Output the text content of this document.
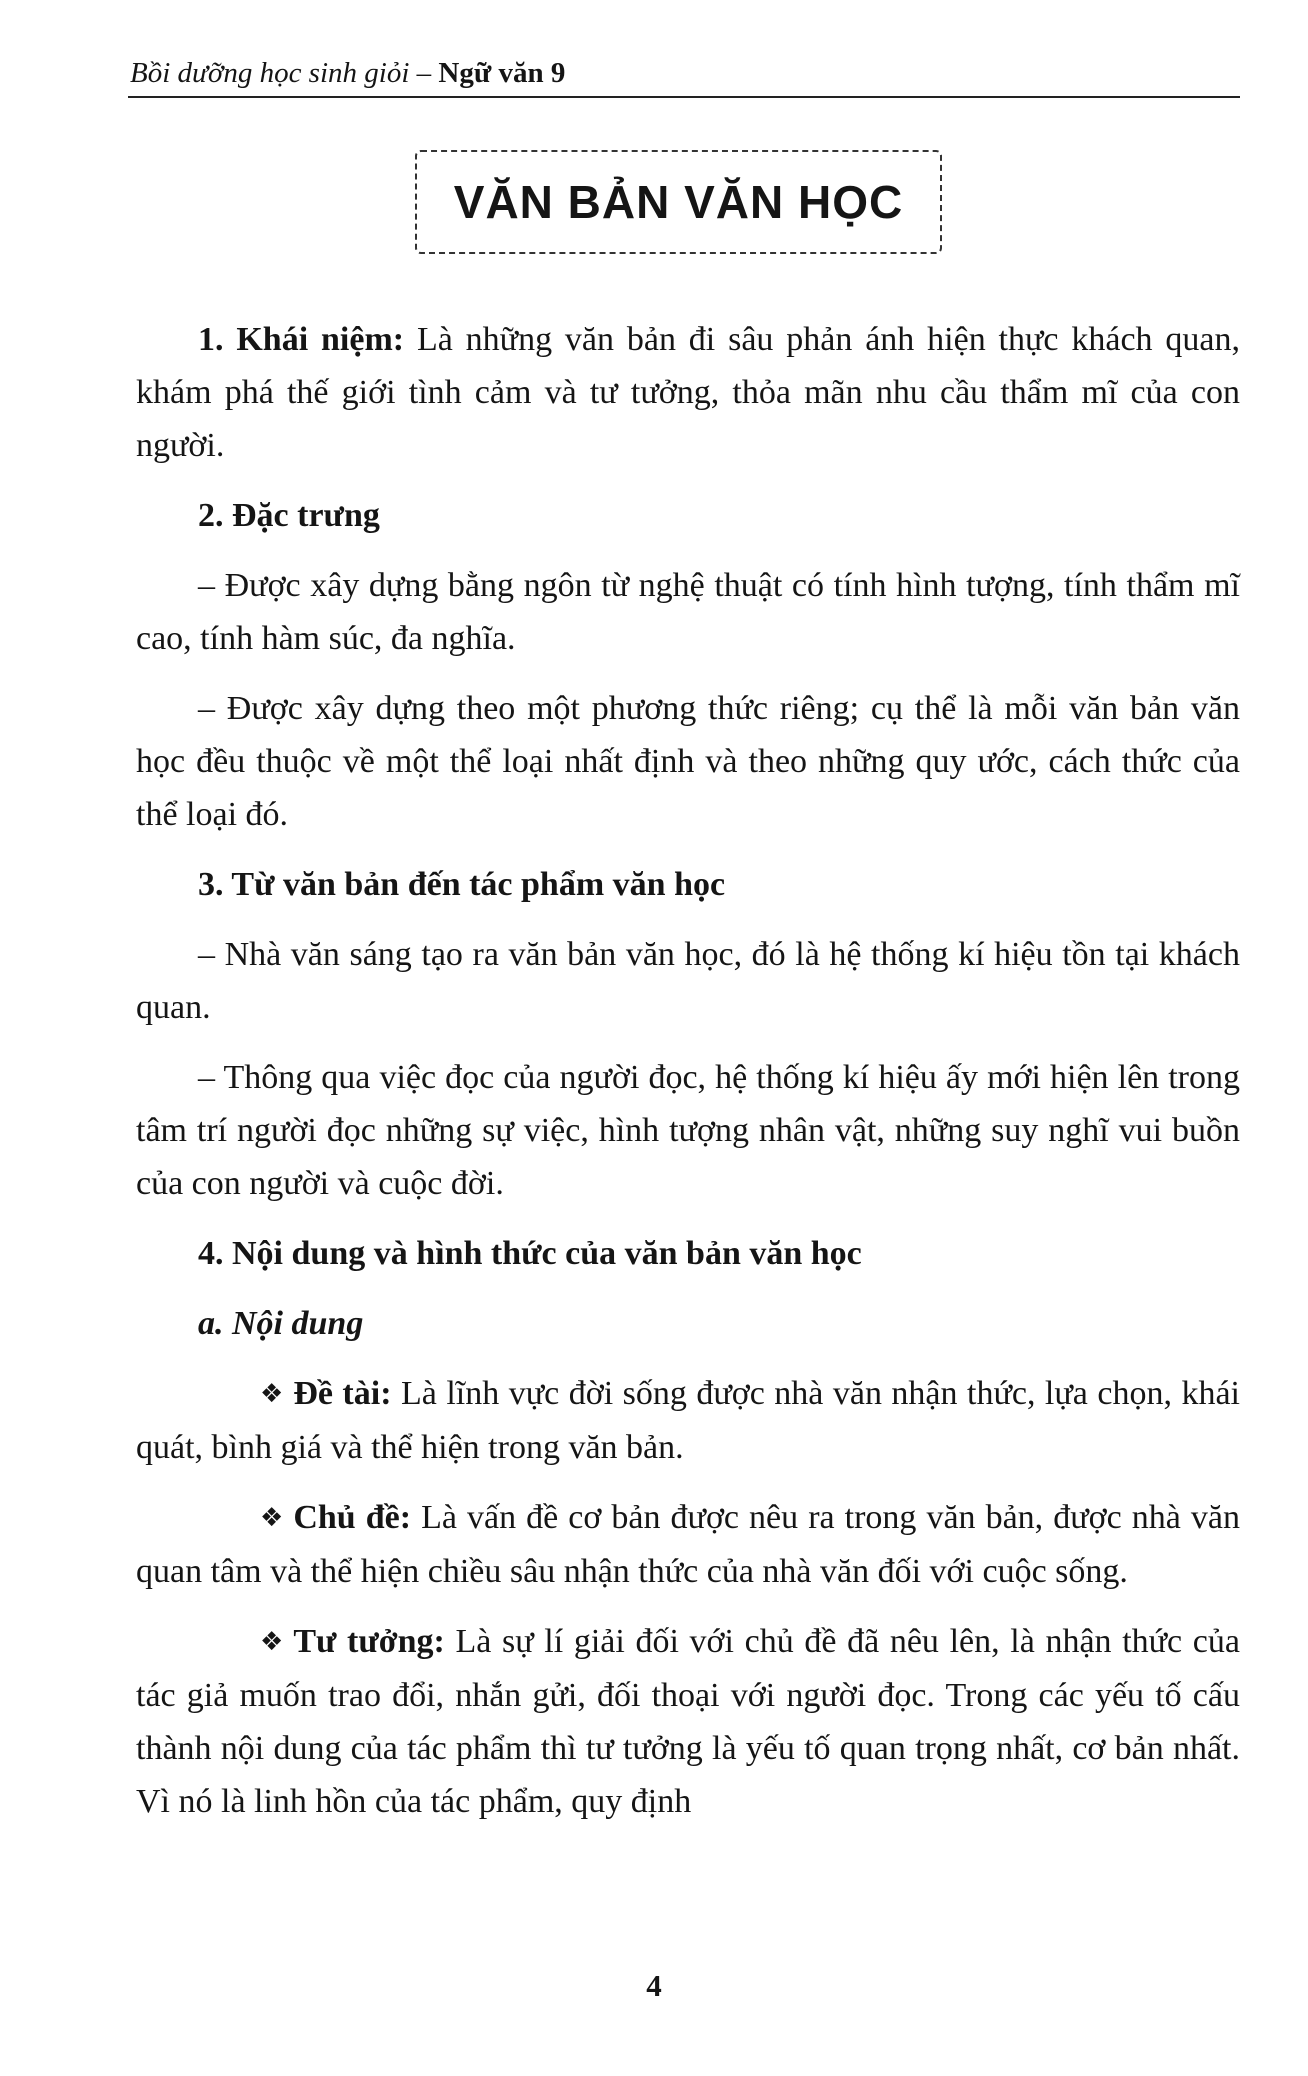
Bồi dưỡng học sinh giỏi – Ngữ văn 9
VĂN BẢN VĂN HỌC

1. Khái niệm: Là những văn bản đi sâu phản ánh hiện thực khách quan, khám phá thế giới tình cảm và tư tưởng, thỏa mãn nhu cầu thẩm mĩ của con người.

2. Đặc trưng

– Được xây dựng bằng ngôn từ nghệ thuật có tính hình tượng, tính thẩm mĩ cao, tính hàm súc, đa nghĩa.

– Được xây dựng theo một phương thức riêng; cụ thể là mỗi văn bản văn học đều thuộc về một thể loại nhất định và theo những quy ước, cách thức của thể loại đó.

3. Từ văn bản đến tác phẩm văn học

– Nhà văn sáng tạo ra văn bản văn học, đó là hệ thống kí hiệu tồn tại khách quan.

– Thông qua việc đọc của người đọc, hệ thống kí hiệu ấy mới hiện lên trong tâm trí người đọc những sự việc, hình tượng nhân vật, những suy nghĩ vui buồn của con người và cuộc đời.

4. Nội dung và hình thức của văn bản văn học

a. Nội dung

❖ Đề tài: Là lĩnh vực đời sống được nhà văn nhận thức, lựa chọn, khái quát, bình giá và thể hiện trong văn bản.

❖ Chủ đề: Là vấn đề cơ bản được nêu ra trong văn bản, được nhà văn quan tâm và thể hiện chiều sâu nhận thức của nhà văn đối với cuộc sống.

❖ Tư tưởng: Là sự lí giải đối với chủ đề đã nêu lên, là nhận thức của tác giả muốn trao đổi, nhắn gửi, đối thoại với người đọc. Trong các yếu tố cấu thành nội dung của tác phẩm thì tư tưởng là yếu tố quan trọng nhất, cơ bản nhất. Vì nó là linh hồn của tác phẩm, quy định

4
